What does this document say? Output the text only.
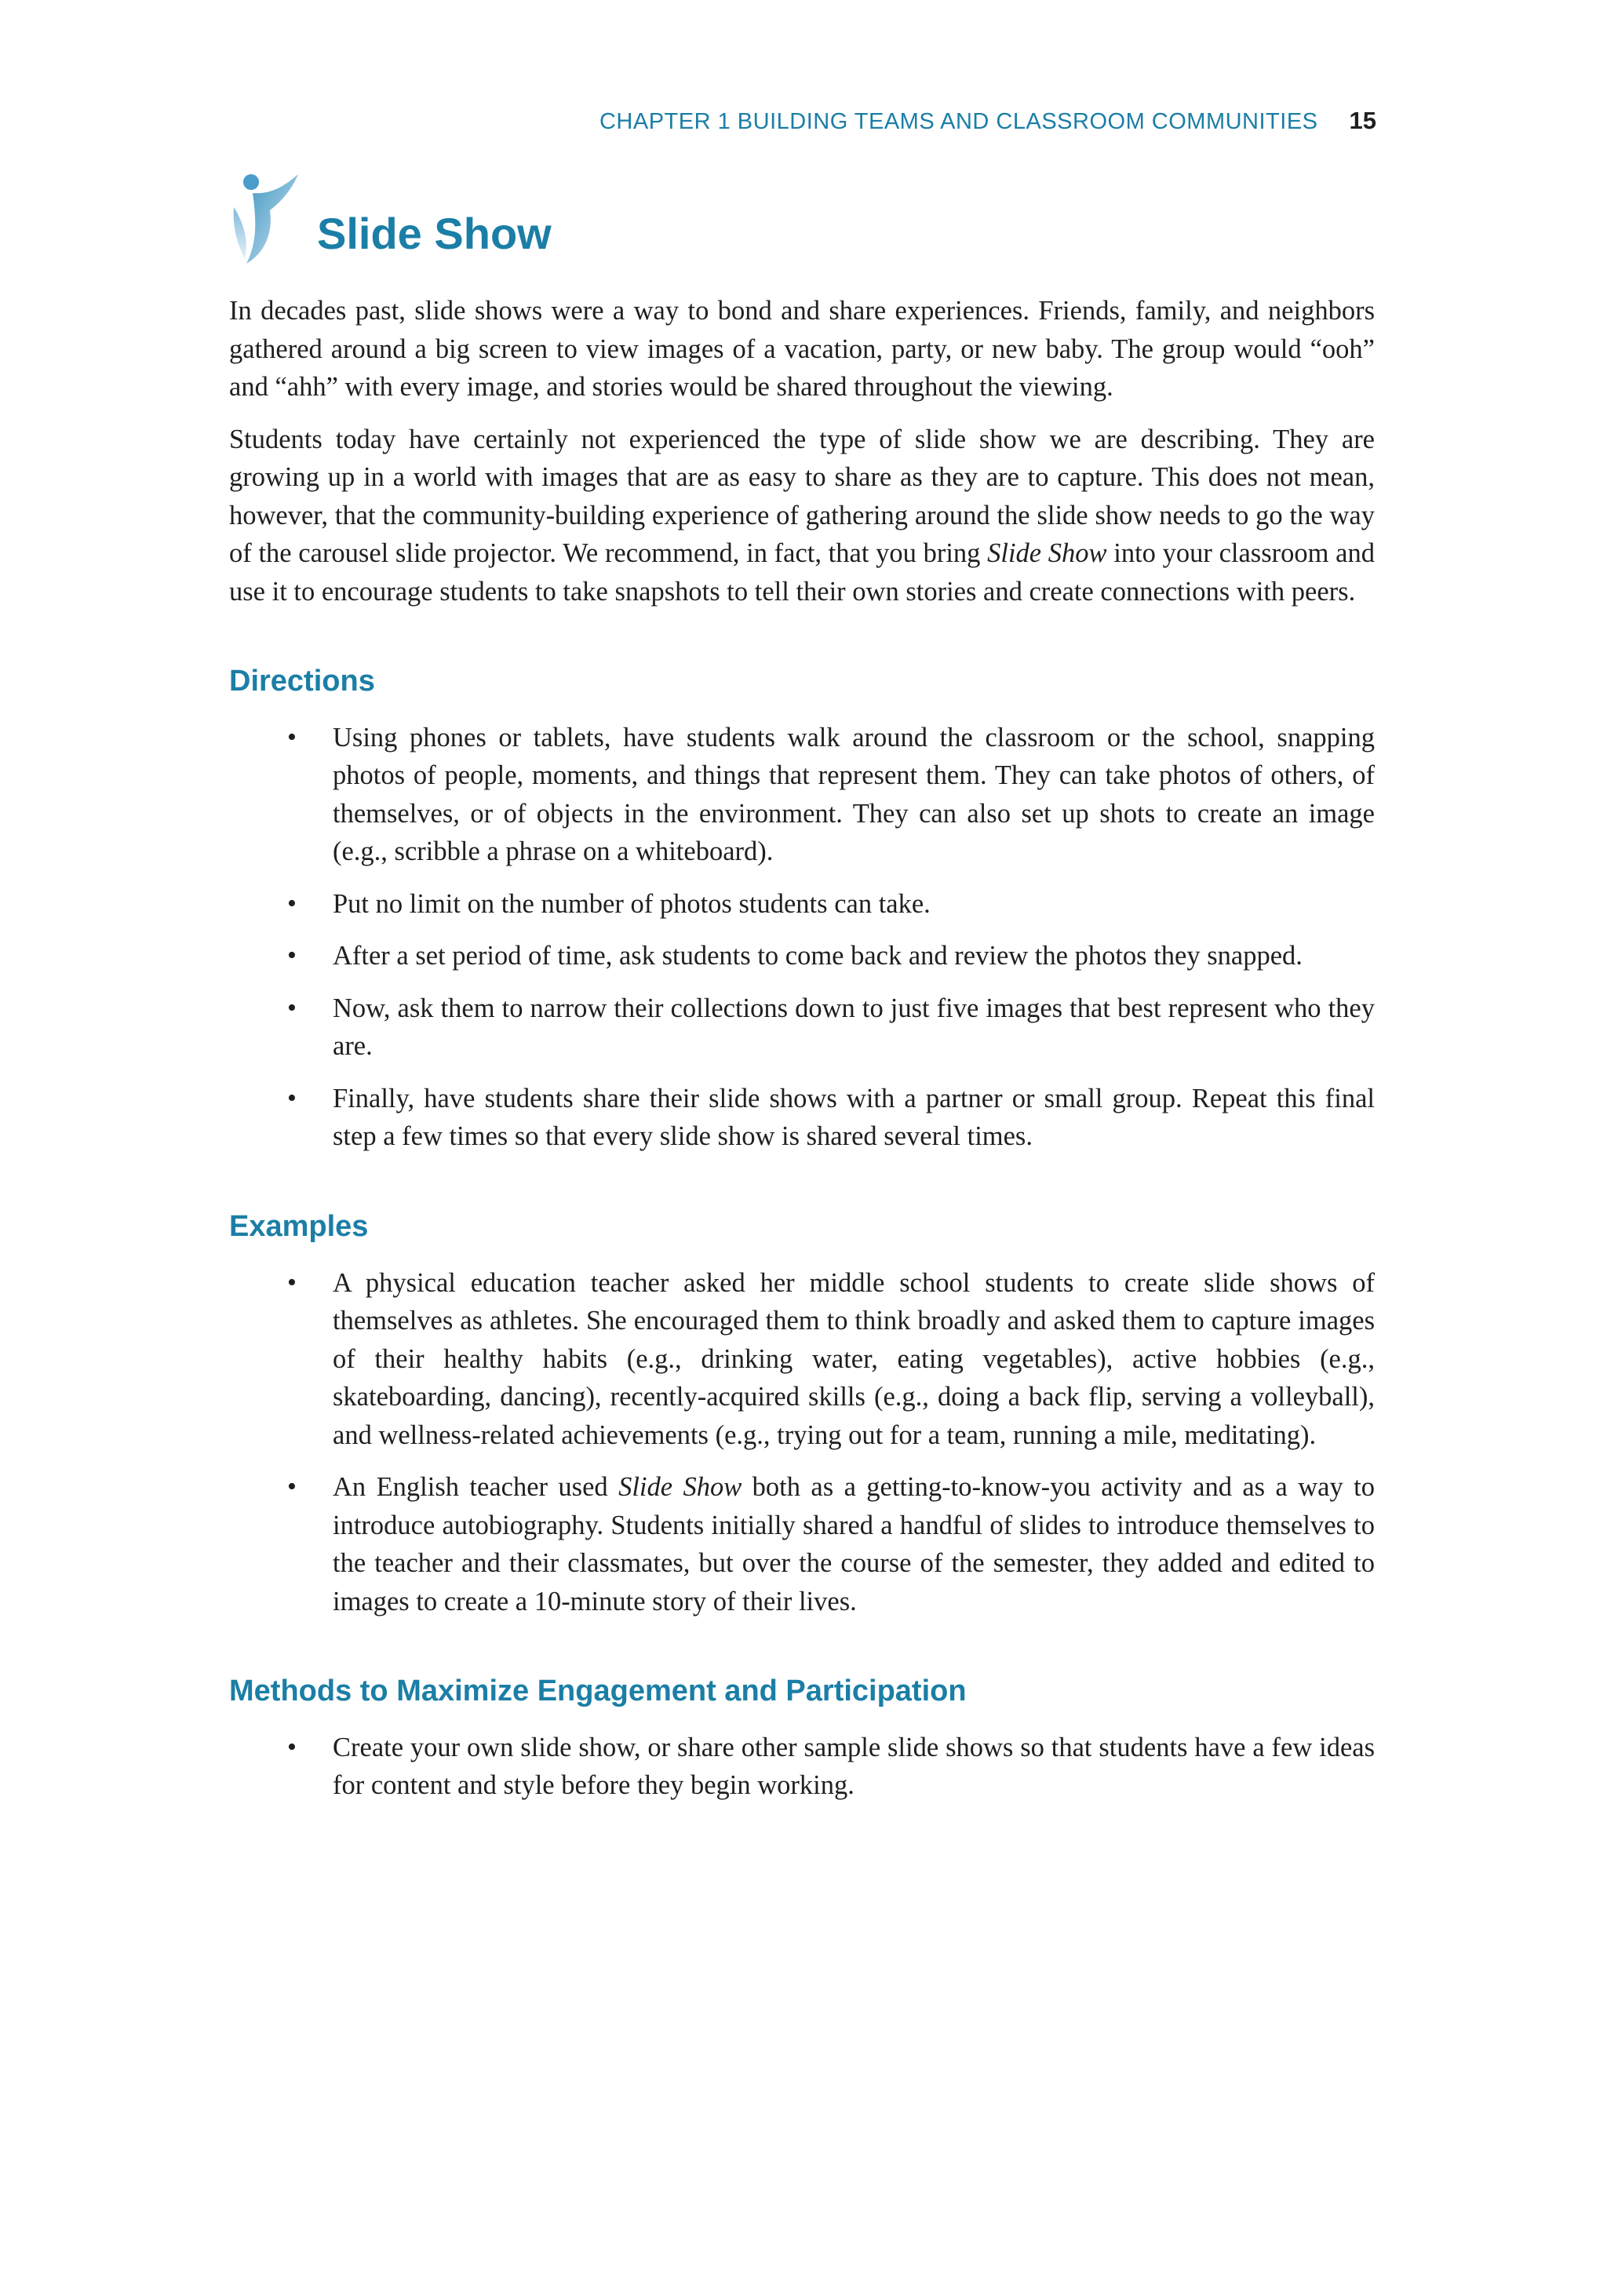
CHAPTER 1 BUILDING TEAMS AND CLASSROOM COMMUNITIES 15
Slide Show

In decades past, slide shows were a way to bond and share experiences. Friends, family, and neighbors gathered around a big screen to view images of a vacation, party, or new baby. The group would “ooh” and “ahh” with every image, and stories would be shared throughout the viewing.

Students today have certainly not experienced the type of slide show we are describing. They are growing up in a world with images that are as easy to share as they are to capture. This does not mean, however, that the community-building experience of gathering around the slide show needs to go the way of the carousel slide projector. We recommend, in fact, that you bring Slide Show into your classroom and use it to encourage students to take snapshots to tell their own stories and create connections with peers.

Directions
• Using phones or tablets, have students walk around the classroom or the school, snapping photos of people, moments, and things that represent them. They can take photos of others, of themselves, or of objects in the environment. They can also set up shots to create an image (e.g., scribble a phrase on a whiteboard).
• Put no limit on the number of photos students can take.
• After a set period of time, ask students to come back and review the photos they snapped.
• Now, ask them to narrow their collections down to just five images that best represent who they are.
• Finally, have students share their slide shows with a partner or small group. Repeat this final step a few times so that every slide show is shared several times.
Examples
• A physical education teacher asked her middle school students to create slide shows of themselves as athletes. She encouraged them to think broadly and asked them to capture images of their healthy habits (e.g., drinking water, eating vegetables), active hobbies (e.g., skateboarding, dancing), recently-acquired skills (e.g., doing a back flip, serving a volleyball), and wellness-related achievements (e.g., trying out for a team, running a mile, meditating).
• An English teacher used Slide Show both as a getting-to-know-you activity and as a way to introduce autobiography. Students initially shared a handful of slides to introduce themselves to the teacher and their classmates, but over the course of the semester, they added and edited to images to create a 10-minute story of their lives.
Methods to Maximize Engagement and Participation
• Create your own slide show, or share other sample slide shows so that students have a few ideas for content and style before they begin working.
